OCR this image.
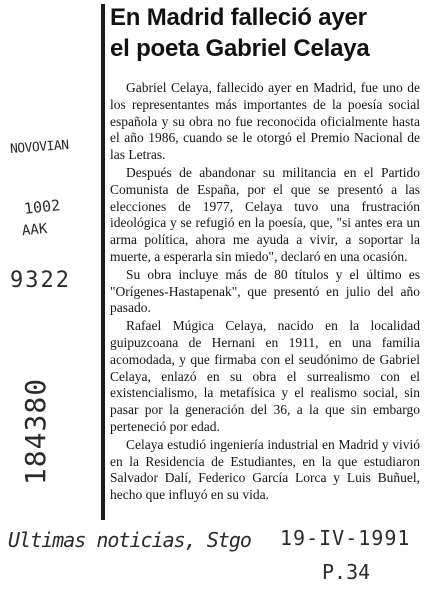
En Madrid falleció ayer
el poeta Gabriel Celaya

Gabriel Celaya, fallecido ayer en Madrid, fue uno de los representantes más importantes de la poesía social española y su obra no fue reconocida oficialmente hasta el año 1986, cuando se le otorgó el Premio Nacional de las Letras.

Después de abandonar su militancia en el Partido Comunista de España, por el que se presentó a las elecciones de 1977, Celaya tuvo una frustración ideológica y se refugió en la poesía, que, "si antes era un arma política, ahora me ayuda a vivir, a soportar la muerte, a esperarla sin miedo", declaró en una ocasión.

Su obra incluye más de 80 títulos y el último es "Orígenes-Hastapenak", que presentó en julio del año pasado.

Rafael Múgica Celaya, nacido en la localidad guipuzcoana de Hernani en 1911, en una familia acomodada, y que firmaba con el seudónimo de Gabriel Celaya, enlazó en su obra el surrealismo con el existencialismo, la metafísica y el realismo social, sin pasar por la generación del 36, a la que sin embargo perteneció por edad.

Celaya estudió ingeniería industrial en Madrid y vivió en la Residencia de Estudiantes, en la que estudiaron Salvador Dalí, Federico García Lorca y Luis Buñuel, hecho que influyó en su vida.

NOVOVIAN
1002
AAK
9322
184380
Ultimas noticias, Stgo 19-IV-1991
P.34
